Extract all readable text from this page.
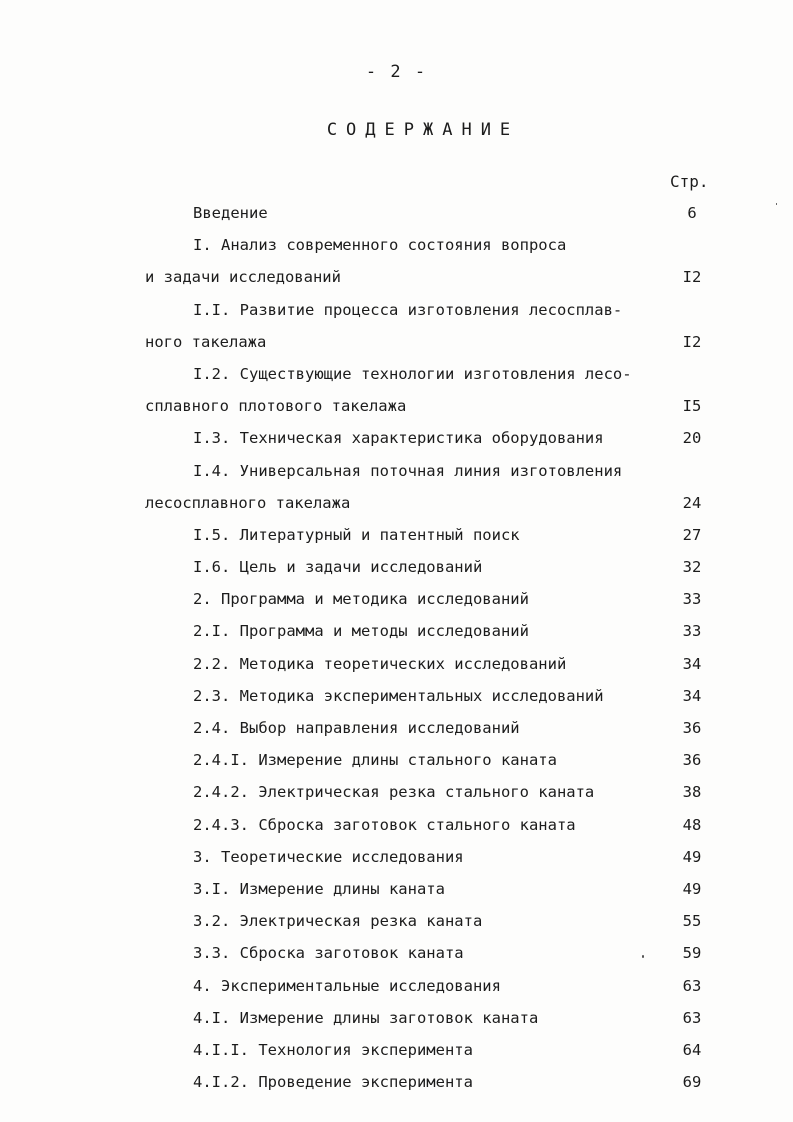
- 2 -
СОДЕРЖАНИЕ
Стр.
Введение	6
I. Анализ современного состояния вопроса
и задачи исследований	I2
I.I. Развитие процесса изготовления лесосплав-
ного такелажа	I2
I.2. Существующие технологии изготовления лесо-
сплавного плотового такелажа	I5
I.3. Техническая характеристика оборудования	20
I.4. Универсальная поточная линия изготовления
лесосплавного такелажа	24
I.5. Литературный и патентный поиск	27
I.6. Цель и задачи исследований	32
2. Программа и методика исследований	33
2.I. Программа и методы исследований	33
2.2. Методика теоретических исследований	34
2.3. Методика экспериментальных исследований	34
2.4. Выбор направления исследований	36
2.4.I. Измерение длины стального каната	36
2.4.2. Электрическая резка стального каната	38
2.4.3. Сброска заготовок стального каната	48
3. Теоретические исследования	49
3.I. Измерение длины каната	49
3.2. Электрическая резка каната	55
3.3. Сброска заготовок каната	59
4. Экспериментальные исследования	63
4.I. Измерение длины заготовок каната	63
4.I.I. Технология эксперимента	64
4.I.2. Проведение эксперимента	69
